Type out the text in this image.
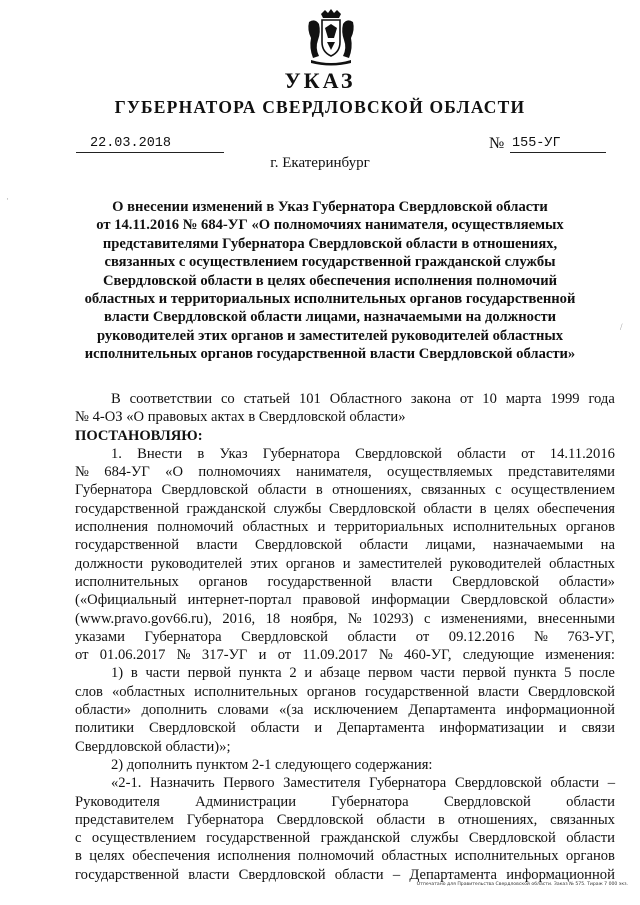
УКАЗ
ГУБЕРНАТОРА СВЕРДЛОВСКОЙ ОБЛАСТИ
22.03.2018	№ 155-УГ
г. Екатеринбург
·
/
О внесении изменений в Указ Губернатора Свердловской области
от 14.11.2016 № 684-УГ «О полномочиях нанимателя, осуществляемых
представителями Губернатора Свердловской области в отношениях,
связанных с осуществлением государственной гражданской службы
Свердловской области в целях обеспечения исполнения полномочий
областных и территориальных исполнительных органов государственной
власти Свердловской области лицами, назначаемыми на должности
руководителей этих органов и заместителей руководителей областных
исполнительных органов государственной власти Свердловской области»
В соответствии со статьей 101 Областного закона от 10 марта 1999 года
№ 4-ОЗ «О правовых актах в Свердловской области»
ПОСТАНОВЛЯЮ:
1. Внести в Указ Губернатора Свердловской области от 14.11.2016
№ 684-УГ «О полномочиях нанимателя, осуществляемых представителями
Губернатора Свердловской области в отношениях, связанных с осуществлением
государственной гражданской службы Свердловской области в целях обеспечения
исполнения полномочий областных и территориальных исполнительных органов
государственной власти Свердловской области лицами, назначаемыми на
должности руководителей этих органов и заместителей руководителей областных
исполнительных органов государственной власти Свердловской области»
(«Официальный интернет-портал правовой информации Свердловской области»
(www.pravo.gov66.ru), 2016, 18 ноября, № 10293) с изменениями, внесенными
указами Губернатора Свердловской области от 09.12.2016 № 763-УГ,
от 01.06.2017 № 317-УГ и от 11.09.2017 № 460-УГ, следующие изменения:
1) в части первой пункта 2 и абзаце первом части первой пункта 5 после
слов «областных исполнительных органов государственной власти Свердловской
области» дополнить словами «(за исключением Департамента информационной
политики Свердловской области и Департамента информатизации и связи
Свердловской области)»;
2) дополнить пунктом 2-1 следующего содержания:
«2-1. Назначить Первого Заместителя Губернатора Свердловской области –
Руководителя Администрации Губернатора Свердловской области
представителем Губернатора Свердловской области в отношениях, связанных
с осуществлением государственной гражданской службы Свердловской области
в целях обеспечения исполнения полномочий областных исполнительных органов
государственной власти Свердловской области – Департамента информационной
Отпечатано для Правительства Свердловской области. Заказ № 575. Тираж 7 000 экз.
